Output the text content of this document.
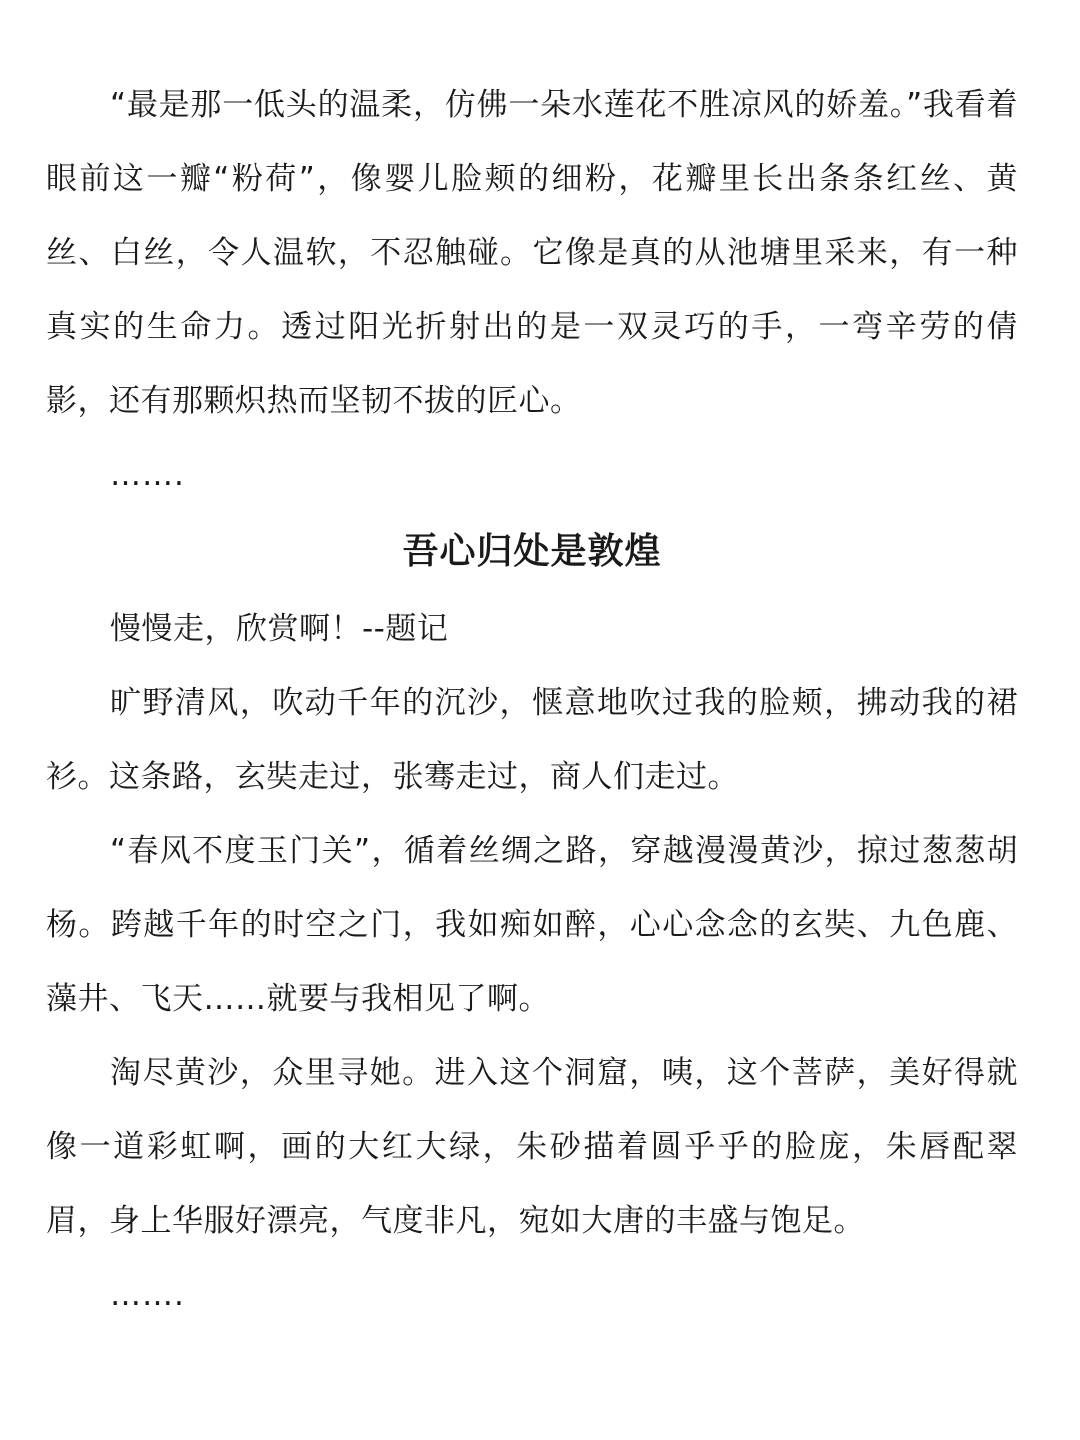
“最是那一低头的温柔，仿佛一朵水莲花不胜凉风的娇羞。”我看着眼前这一瓣“粉荷”，像婴儿脸颊的细粉，花瓣里长出条条红丝、黄丝、白丝，令人温软，不忍触碰。它像是真的从池塘里采来，有一种真实的生命力。透过阳光折射出的是一双灵巧的手，一弯辛劳的倩影，还有那颗炽热而坚韧不拔的匠心。

…….

吾心归处是敦煌

慢慢走，欣赏啊！--题记

旷野清风，吹动千年的沉沙，惬意地吹过我的脸颊，拂动我的裙衫。这条路，玄奘走过，张骞走过，商人们走过。

“春风不度玉门关”，循着丝绸之路，穿越漫漫黄沙，掠过葱葱胡杨。跨越千年的时空之门，我如痴如醉，心心念念的玄奘、九色鹿、藻井、飞天……就要与我相见了啊。

淘尽黄沙，众里寻她。进入这个洞窟，咦，这个菩萨，美好得就像一道彩虹啊，画的大红大绿，朱砂描着圆乎乎的脸庞，朱唇配翠眉，身上华服好漂亮，气度非凡，宛如大唐的丰盛与饱足。

…….
